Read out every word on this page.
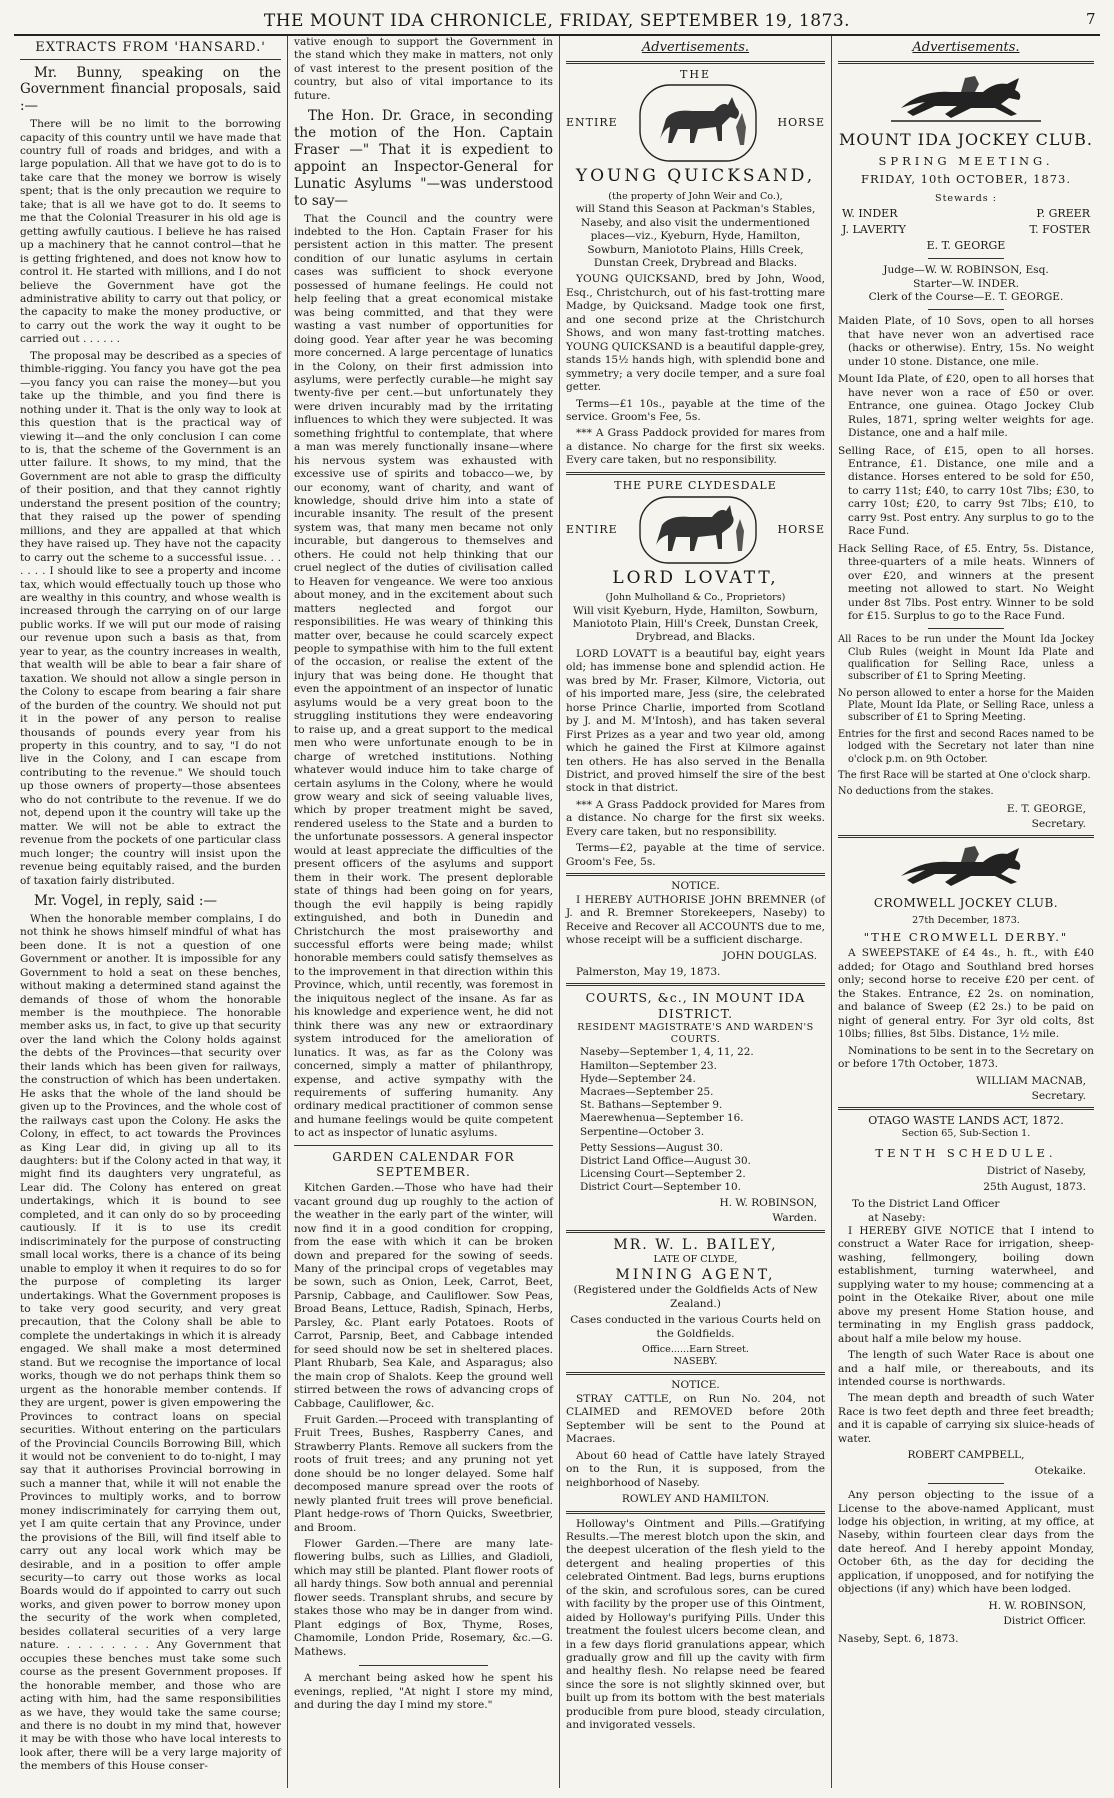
THE MOUNT IDA CHRONICLE, FRIDAY, SEPTEMBER 19, 1873.	7
EXTRACTS FROM 'HANSARD.'

Mr. Bunny, speaking on the Government financial proposals, said :—

There will be no limit to the borrowing capacity of this country until we have made that country full of roads and bridges, and with a large population. All that we have got to do is to take care that the money we borrow is wisely spent; that is the only precaution we require to take; that is all we have got to do. It seems to me that the Colonial Treasurer in his old age is getting awfully cautious. I believe he has raised up a machinery that he cannot control—that he is getting frightened, and does not know how to control it. He started with millions, and I do not believe the Government have got the administrative ability to carry out that policy, or the capacity to make the money productive, or to carry out the work the way it ought to be carried out . . . . . .

The proposal may be described as a species of thimble-rigging. You fancy you have got the pea—you fancy you can raise the money—but you take up the thimble, and you find there is nothing under it. That is the only way to look at this question that is the practical way of viewing it—and the only conclusion I can come to is, that the scheme of the Government is an utter failure. It shows, to my mind, that the Government are not able to grasp the difficulty of their position, and that they cannot rightly understand the present position of the country; that they raised up the power of spending millions, and they are appalled at that which they have raised up. They have not the capacity to carry out the scheme to a successful issue. . . . . . . I should like to see a property and income tax, which would effectually touch up those who are wealthy in this country, and whose wealth is increased through the carrying on of our large public works. If we will put our mode of raising our revenue upon such a basis as that, from year to year, as the country increases in wealth, that wealth will be able to bear a fair share of taxation. We should not allow a single person in the Colony to escape from bearing a fair share of the burden of the country. We should not put it in the power of any person to realise thousands of pounds every year from his property in this country, and to say, "I do not live in the Colony, and I can escape from contributing to the revenue." We should touch up those owners of property—those absentees who do not contribute to the revenue. If we do not, depend upon it the country will take up the matter. We will not be able to extract the revenue from the pockets of one particular class much longer; the country will insist upon the revenue being equitably raised, and the burden of taxation fairly distributed.

Mr. Vogel, in reply, said :—

When the honorable member complains, I do not think he shows himself mindful of what has been done. It is not a question of one Government or another. It is impossible for any Government to hold a seat on these benches, without making a determined stand against the demands of those of whom the honorable member is the mouthpiece. The honorable member asks us, in fact, to give up that security over the land which the Colony holds against the debts of the Provinces—that security over their lands which has been given for railways, the construction of which has been undertaken. He asks that the whole of the land should be given up to the Provinces, and the whole cost of the railways cast upon the Colony. He asks the Colony, in effect, to act towards the Provinces as King Lear did, in giving up all to its daughters: but if the Colony acted in that way, it might find its daughters very ungrateful, as Lear did. The Colony has entered on great undertakings, which it is bound to see completed, and it can only do so by proceeding cautiously. If it is to use its credit indiscriminately for the purpose of constructing small local works, there is a chance of its being unable to employ it when it requires to do so for the purpose of completing its larger undertakings. What the Government proposes is to take very good security, and very great precaution, that the Colony shall be able to complete the undertakings in which it is already engaged. We shall make a most determined stand. But we recognise the importance of local works, though we do not perhaps think them so urgent as the honorable member contends. If they are urgent, power is given empowering the Provinces to contract loans on special securities. Without entering on the particulars of the Provincial Councils Borrowing Bill, which it would not be convenient to do to-night, I may say that it authorises Provincial borrowing in such a manner that, while it will not enable the Provinces to multiply works, and to borrow money indiscriminately for carrying them out, yet I am quite certain that any Province, under the provisions of the Bill, will find itself able to carry out any local work which may be desirable, and in a position to offer ample security—to carry out those works as local Boards would do if appointed to carry out such works, and given power to borrow money upon the security of the work when completed, besides collateral securities of a very large nature. . . . . . . . . Any Government that occupies these benches must take some such course as the present Government proposes. If the honorable member, and those who are acting with him, had the same responsibilities as we have, they would take the same course; and there is no doubt in my mind that, however it may be with those who have local interests to look after, there will be a very large majority of the members of this House conser-

vative enough to support the Government in the stand which they make in matters, not only of vast interest to the present position of the country, but also of vital importance to its future.

The Hon. Dr. Grace, in seconding the motion of the Hon. Captain Fraser —" That it is expedient to appoint an Inspector-General for Lunatic Asylums "—was understood to say—

That the Council and the country were indebted to the Hon. Captain Fraser for his persistent action in this matter. The present condition of our lunatic asylums in certain cases was sufficient to shock everyone possessed of humane feelings. He could not help feeling that a great economical mistake was being committed, and that they were wasting a vast number of opportunities for doing good. Year after year he was becoming more concerned. A large percentage of lunatics in the Colony, on their first admission into asylums, were perfectly curable—he might say twenty-five per cent.—but unfortunately they were driven incurably mad by the irritating influences to which they were subjected. It was something frightful to contemplate, that where a man was merely functionally insane—where his nervous system was exhausted with excessive use of spirits and tobacco—we, by our economy, want of charity, and want of knowledge, should drive him into a state of incurable insanity. The result of the present system was, that many men became not only incurable, but dangerous to themselves and others. He could not help thinking that our cruel neglect of the duties of civilisation called to Heaven for vengeance. We were too anxious about money, and in the excitement about such matters neglected and forgot our responsibilities. He was weary of thinking this matter over, because he could scarcely expect people to sympathise with him to the full extent of the occasion, or realise the extent of the injury that was being done. He thought that even the appointment of an inspector of lunatic asylums would be a very great boon to the struggling institutions they were endeavoring to raise up, and a great support to the medical men who were unfortunate enough to be in charge of wretched institutions. Nothing whatever would induce him to take charge of certain asylums in the Colony, where he would grow weary and sick of seeing valuable lives, which by proper treatment might be saved, rendered useless to the State and a burden to the unfortunate possessors. A general inspector would at least appreciate the difficulties of the present officers of the asylums and support them in their work. The present deplorable state of things had been going on for years, though the evil happily is being rapidly extinguished, and both in Dunedin and Christchurch the most praiseworthy and successful efforts were being made; whilst honorable members could satisfy themselves as to the improvement in that direction within this Province, which, until recently, was foremost in the iniquitous neglect of the insane. As far as his knowledge and experience went, he did not think there was any new or extraordinary system introduced for the amelioration of lunatics. It was, as far as the Colony was concerned, simply a matter of philanthropy, expense, and active sympathy with the requirements of suffering humanity. Any ordinary medical practitioner of common sense and humane feelings would be quite competent to act as inspector of lunatic asylums.

GARDEN CALENDAR FOR SEPTEMBER.

Kitchen Garden.—Those who have had their vacant ground dug up roughly to the action of the weather in the early part of the winter, will now find it in a good condition for cropping, from the ease with which it can be broken down and prepared for the sowing of seeds. Many of the principal crops of vegetables may be sown, such as Onion, Leek, Carrot, Beet, Parsnip, Cabbage, and Cauliflower. Sow Peas, Broad Beans, Lettuce, Radish, Spinach, Herbs, Parsley, &c. Plant early Potatoes. Roots of Carrot, Parsnip, Beet, and Cabbage intended for seed should now be set in sheltered places. Plant Rhubarb, Sea Kale, and Asparagus; also the main crop of Shalots. Keep the ground well stirred between the rows of advancing crops of Cabbage, Cauliflower, &c.

Fruit Garden.—Proceed with transplanting of Fruit Trees, Bushes, Raspberry Canes, and Strawberry Plants. Remove all suckers from the roots of fruit trees; and any pruning not yet done should be no longer delayed. Some half decomposed manure spread over the roots of newly planted fruit trees will prove beneficial. Plant hedge-rows of Thorn Quicks, Sweetbrier, and Broom.

Flower Garden.—There are many late-flowering bulbs, such as Lillies, and Gladioli, which may still be planted. Plant flower roots of all hardy things. Sow both annual and perennial flower seeds. Transplant shrubs, and secure by stakes those who may be in danger from wind. Plant edgings of Box, Thyme, Roses, Chamomile, London Pride, Rosemary, &c.—G. Mathews.

A merchant being asked how he spent his evenings, replied, "At night I store my mind, and during the day I mind my store."

Advertisements.
THE
ENTIRE	HORSE
YOUNG QUICKSAND,
(the property of John Weir and Co.),

will Stand this Season at Packman's Stables, Naseby, and also visit the undermentioned places—viz., Kyeburn, Hyde, Hamilton, Sowburn, Maniototo Plains, Hills Creek, Dunstan Creek, Drybread and Blacks.

YOUNG QUICKSAND, bred by John, Wood, Esq., Christchurch, out of his fast-trotting mare Madge, by Quicksand. Madge took one first, and one second prize at the Christchurch Shows, and won many fast-trotting matches. YOUNG QUICKSAND is a beautiful dapple-grey, stands 15½ hands high, with splendid bone and symmetry; a very docile temper, and a sure foal getter.

Terms—£1 10s., payable at the time of the service. Groom's Fee, 5s.

*** A Grass Paddock provided for mares from a distance. No charge for the first six weeks. Every care taken, but no responsibility.

THE PURE CLYDESDALE
ENTIRE	HORSE
LORD LOVATT,
(John Mulholland & Co., Proprietors)

Will visit Kyeburn, Hyde, Hamilton, Sowburn, Maniototo Plain, Hill's Creek, Dunstan Creek, Drybread, and Blacks.

LORD LOVATT is a beautiful bay, eight years old; has immense bone and splendid action. He was bred by Mr. Fraser, Kilmore, Victoria, out of his imported mare, Jess (sire, the celebrated horse Prince Charlie, imported from Scotland by J. and M. M'Intosh), and has taken several First Prizes as a year and two year old, among which he gained the First at Kilmore against ten others. He has also served in the Benalla District, and proved himself the sire of the best stock in that district.

*** A Grass Paddock provided for Mares from a distance. No charge for the first six weeks. Every care taken, but no responsibility.

Terms—£2, payable at the time of service. Groom's Fee, 5s.

NOTICE.

I HEREBY AUTHORISE JOHN BREMNER (of J. and R. Bremner Storekeepers, Naseby) to Receive and Recover all ACCOUNTS due to me, whose receipt will be a sufficient discharge.

JOHN DOUGLAS.

Palmerston, May 19, 1873.

COURTS, &c., IN MOUNT IDA DISTRICT.
RESIDENT MAGISTRATE'S AND WARDEN'S COURTS.
Naseby—September 1, 4, 11, 22.
Hamilton—September 23.
Hyde—September 24.
Macraes—September 25.
St. Bathans—September 9.
Maerewhenua—September 16.
Serpentine—October 3.
Petty Sessions—August 30.
District Land Office—August 30.
Licensing Court—September 2.
District Court—September 10.
H. W. ROBINSON,
Warden.
MR. W. L. BAILEY,
LATE OF CLYDE,
MINING AGENT,

(Registered under the Goldfields Acts of New Zealand.)

Cases conducted in the various Courts held on the Goldfields.

Office......Earn Street.
NASEBY.
NOTICE.

STRAY CATTLE, on Run No. 204, not CLAIMED and REMOVED before 20th September will be sent to the Pound at Macraes.

About 60 head of Cattle have lately Strayed on to the Run, it is supposed, from the neighborhood of Naseby.

ROWLEY AND HAMILTON.

Holloway's Ointment and Pills.—Gratifying Results.—The merest blotch upon the skin, and the deepest ulceration of the flesh yield to the detergent and healing properties of this celebrated Ointment. Bad legs, burns eruptions of the skin, and scrofulous sores, can be cured with facility by the proper use of this Ointment, aided by Holloway's purifying Pills. Under this treatment the foulest ulcers become clean, and in a few days florid granulations appear, which gradually grow and fill up the cavity with firm and healthy flesh. No relapse need be feared since the sore is not slightly skinned over, but built up from its bottom with the best materials producible from pure blood, steady circulation, and invigorated vessels.

Advertisements.
MOUNT IDA JOCKEY CLUB.
SPRING MEETING.
FRIDAY, 10th OCTOBER, 1873.
Stewards :
W. INDER	P. GREER
J. LAVERTY	T. FOSTER
E. T. GEORGE
Judge—W. W. ROBINSON, Esq.
Starter—W. INDER.
Clerk of the Course—E. T. GEORGE.
Maiden Plate, of 10 Sovs, open to all horses that have never won an advertised race (hacks or otherwise). Entry, 15s. No weight under 10 stone. Distance, one mile.
Mount Ida Plate, of £20, open to all horses that have never won a race of £50 or over. Entrance, one guinea. Otago Jockey Club Rules, 1871, spring welter weights for age. Distance, one and a half mile.
Selling Race, of £15, open to all horses. Entrance, £1. Distance, one mile and a distance. Horses entered to be sold for £50, to carry 11st; £40, to carry 10st 7lbs; £30, to carry 10st; £20, to carry 9st 7lbs; £10, to carry 9st. Post entry. Any surplus to go to the Race Fund.
Hack Selling Race, of £5. Entry, 5s. Distance, three-quarters of a mile heats. Winners of over £20, and winners at the present meeting not allowed to start. No Weight under 8st 7lbs. Post entry. Winner to be sold for £15. Surplus to go to the Race Fund.
All Races to be run under the Mount Ida Jockey Club Rules (weight in Mount Ida Plate and qualification for Selling Race, unless a subscriber of £1 to Spring Meeting.
No person allowed to enter a horse for the Maiden Plate, Mount Ida Plate, or Selling Race, unless a subscriber of £1 to Spring Meeting.
Entries for the first and second Races named to be lodged with the Secretary not later than nine o'clock p.m. on 9th October.
The first Race will be started at One o'clock sharp.
No deductions from the stakes.
E. T. GEORGE,
Secretary.
CROMWELL JOCKEY CLUB.
27th December, 1873.
"THE CROMWELL DERBY."

A SWEEPSTAKE of £4 4s., h. ft., with £40 added; for Otago and Southland bred horses only; second horse to receive £20 per cent. of the Stakes. Entrance, £2 2s. on nomination, and balance of Sweep (£2 2s.) to be paid on night of general entry. For 3yr old colts, 8st 10lbs; fillies, 8st 5lbs. Distance, 1½ mile.

Nominations to be sent in to the Secretary on or before 17th October, 1873.

WILLIAM MACNAB,
Secretary.
OTAGO WASTE LANDS ACT, 1872.
Section 65, Sub-Section 1.
TENTH SCHEDULE.
District of Naseby,
25th August, 1873.
To the District Land Officer
at Naseby:

I HEREBY GIVE NOTICE that I intend to construct a Water Race for irrigation, sheep-washing, fellmongery, boiling down establishment, turning waterwheel, and supplying water to my house; commencing at a point in the Otekaike River, about one mile above my present Home Station house, and terminating in my English grass paddock, about half a mile below my house.

The length of such Water Race is about one and a half mile, or thereabouts, and its intended course is northwards.

The mean depth and breadth of such Water Race is two feet depth and three feet breadth; and it is capable of carrying six sluice-heads of water.

ROBERT CAMPBELL,
Otekaike.

Any person objecting to the issue of a License to the above-named Applicant, must lodge his objection, in writing, at my office, at Naseby, within fourteen clear days from the date hereof. And I hereby appoint Monday, October 6th, as the day for deciding the application, if unopposed, and for notifying the objections (if any) which have been lodged.

H. W. ROBINSON,
District Officer.
Naseby, Sept. 6, 1873.
